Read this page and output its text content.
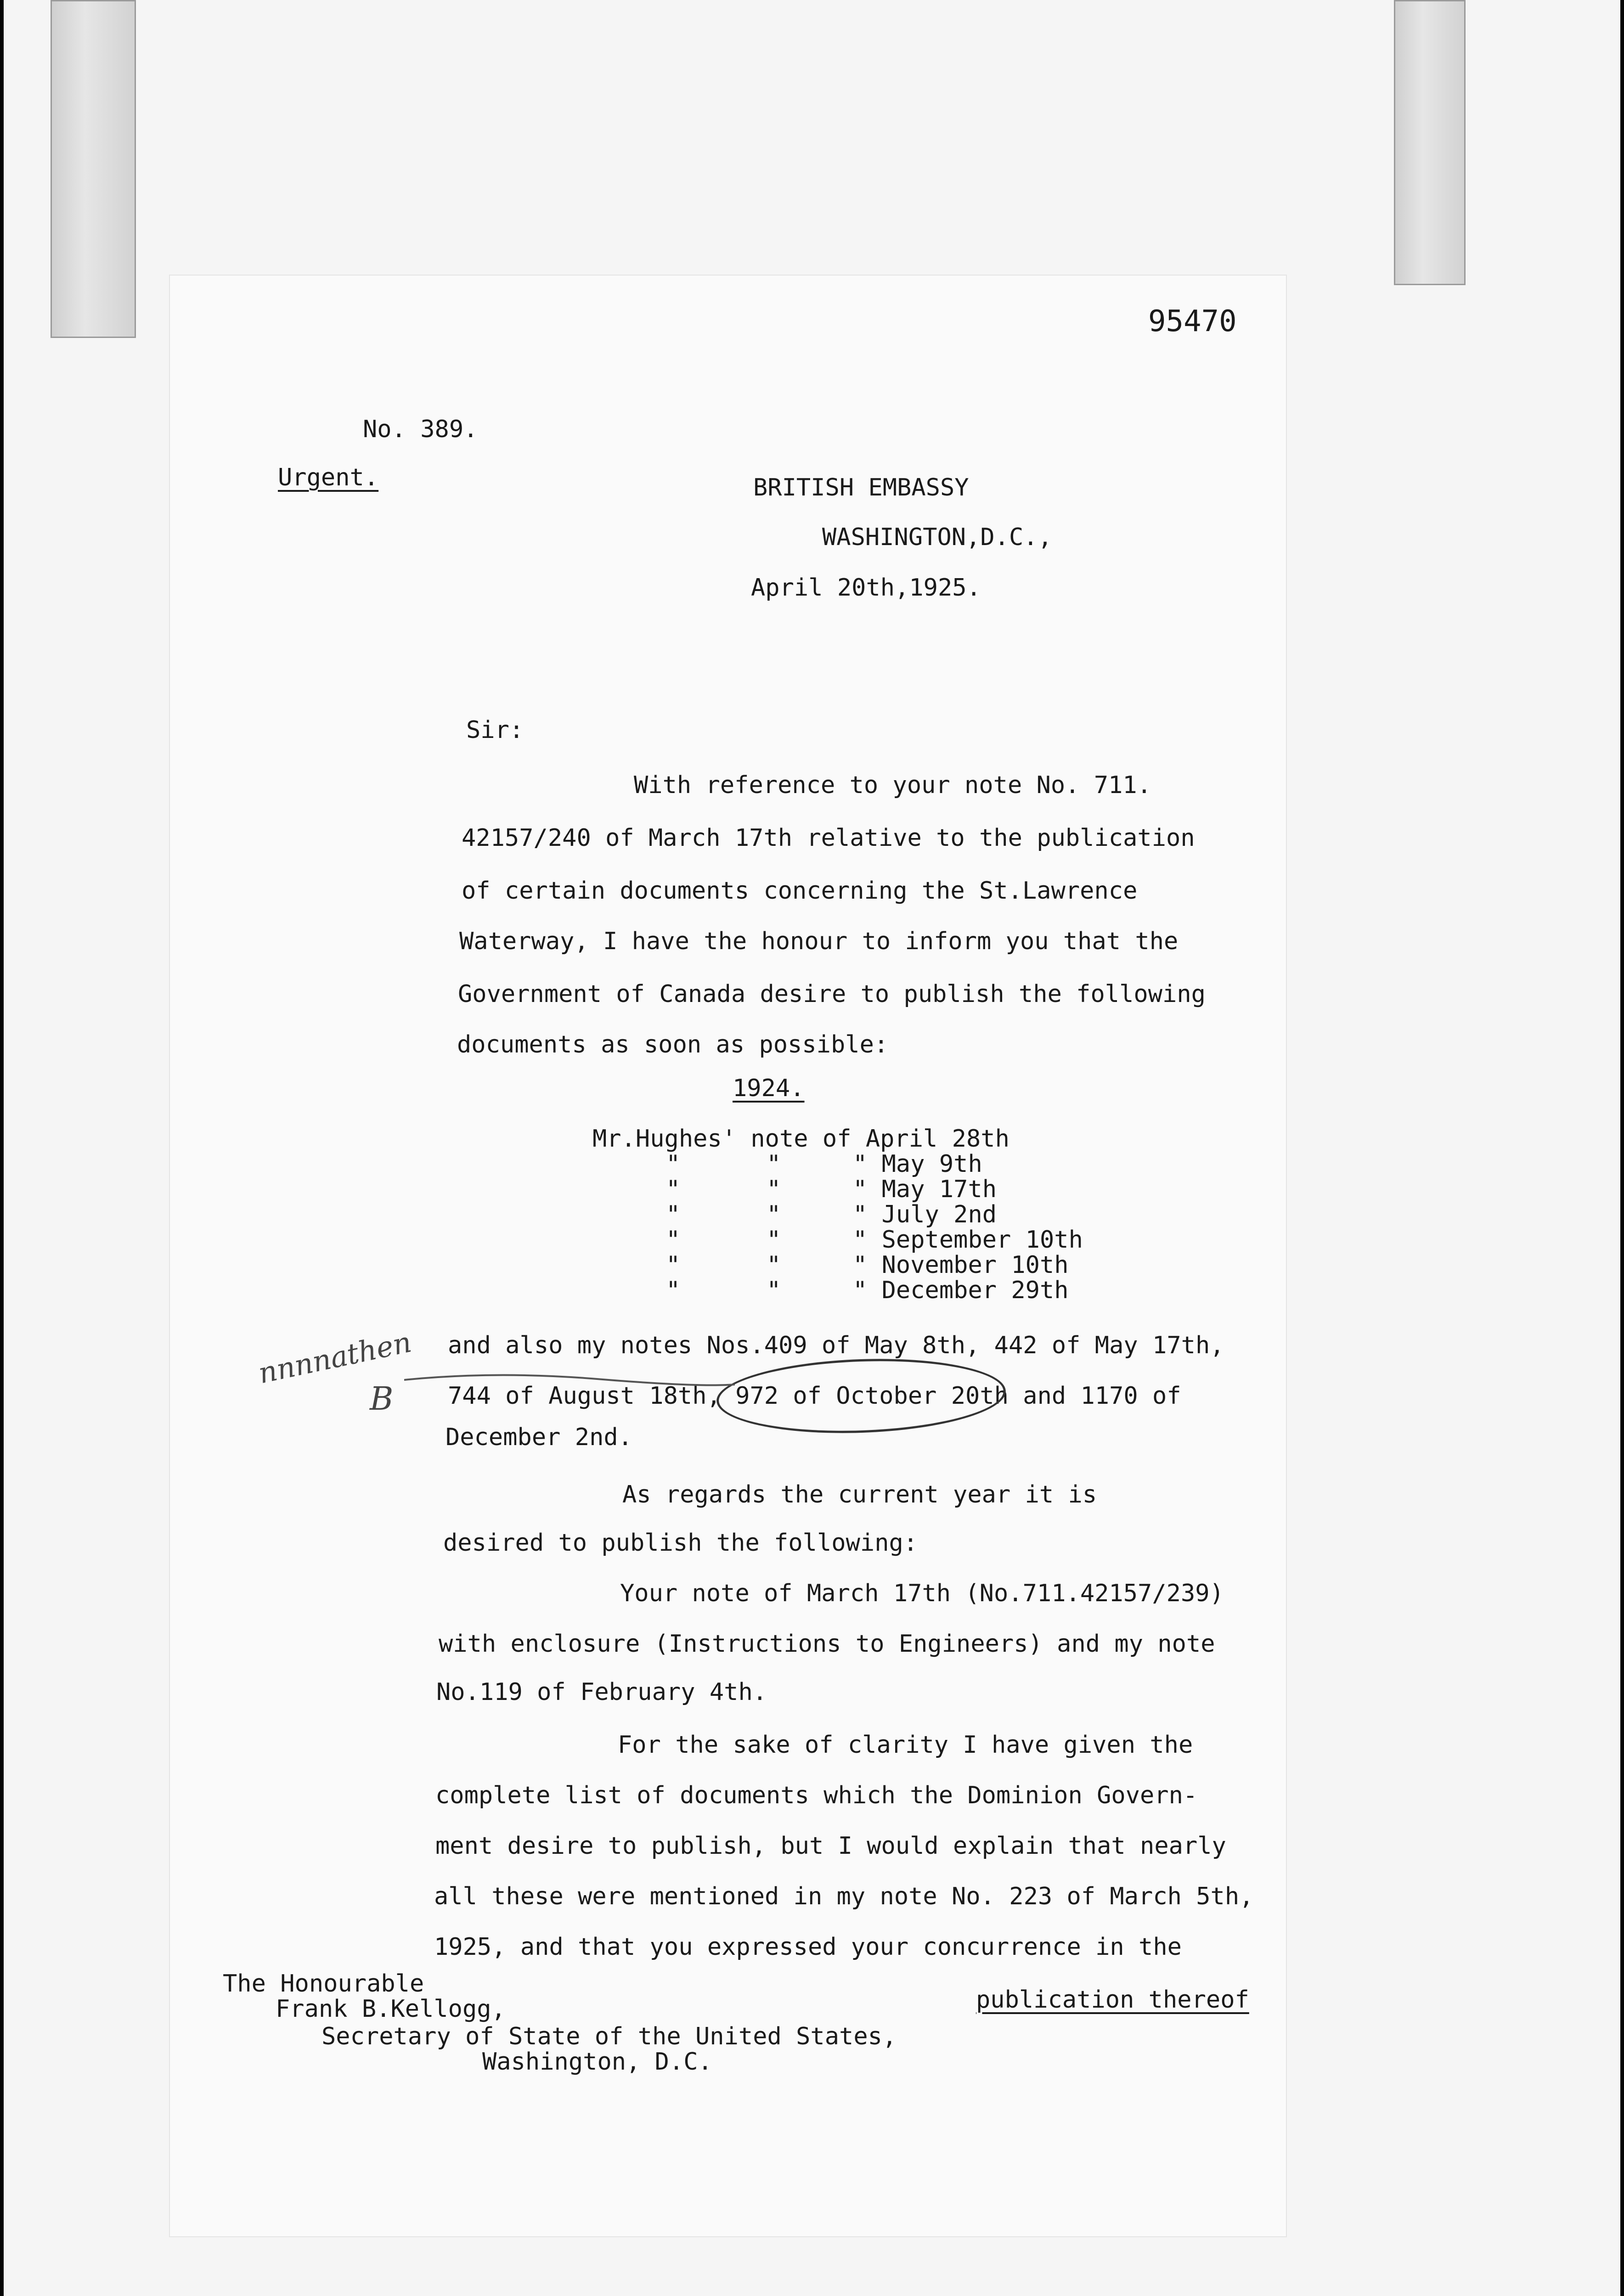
95470
No. 389.
Urgent.	BRITISH EMBASSY
WASHINGTON,D.C.,
April 20th,1925.
Sir:
With reference to your note No. 711.
42157/240 of March 17th relative to the publication
of certain documents concerning the St.Lawrence
Waterway, I have the honour to inform you that the
Government of Canada desire to publish the following
documents as soon as possible:
1924.
Mr.Hughes' note of April 28th
"      "     " May 9th
"      "     " May 17th
"      "     " July 2nd
"      "     " September 10th
"      "     " November 10th
"      "     " December 29th
and also my notes Nos.409 of May 8th, 442 of May 17th,
744 of August 18th, 972 of October 20th and 1170 of
December 2nd.
nnnnathen
B
As regards the current year it is
desired to publish the following:
Your note of March 17th (No.711.42157/239)
with enclosure (Instructions to Engineers) and my note
No.119 of February 4th.
For the sake of clarity I have given the
complete list of documents which the Dominion Govern-
ment desire to publish, but I would explain that nearly
all these were mentioned in my note No. 223 of March 5th,
1925, and that you expressed your concurrence in the
publication thereof
The Honourable
Frank B.Kellogg,
Secretary of State of the United States,
Washington, D.C.
